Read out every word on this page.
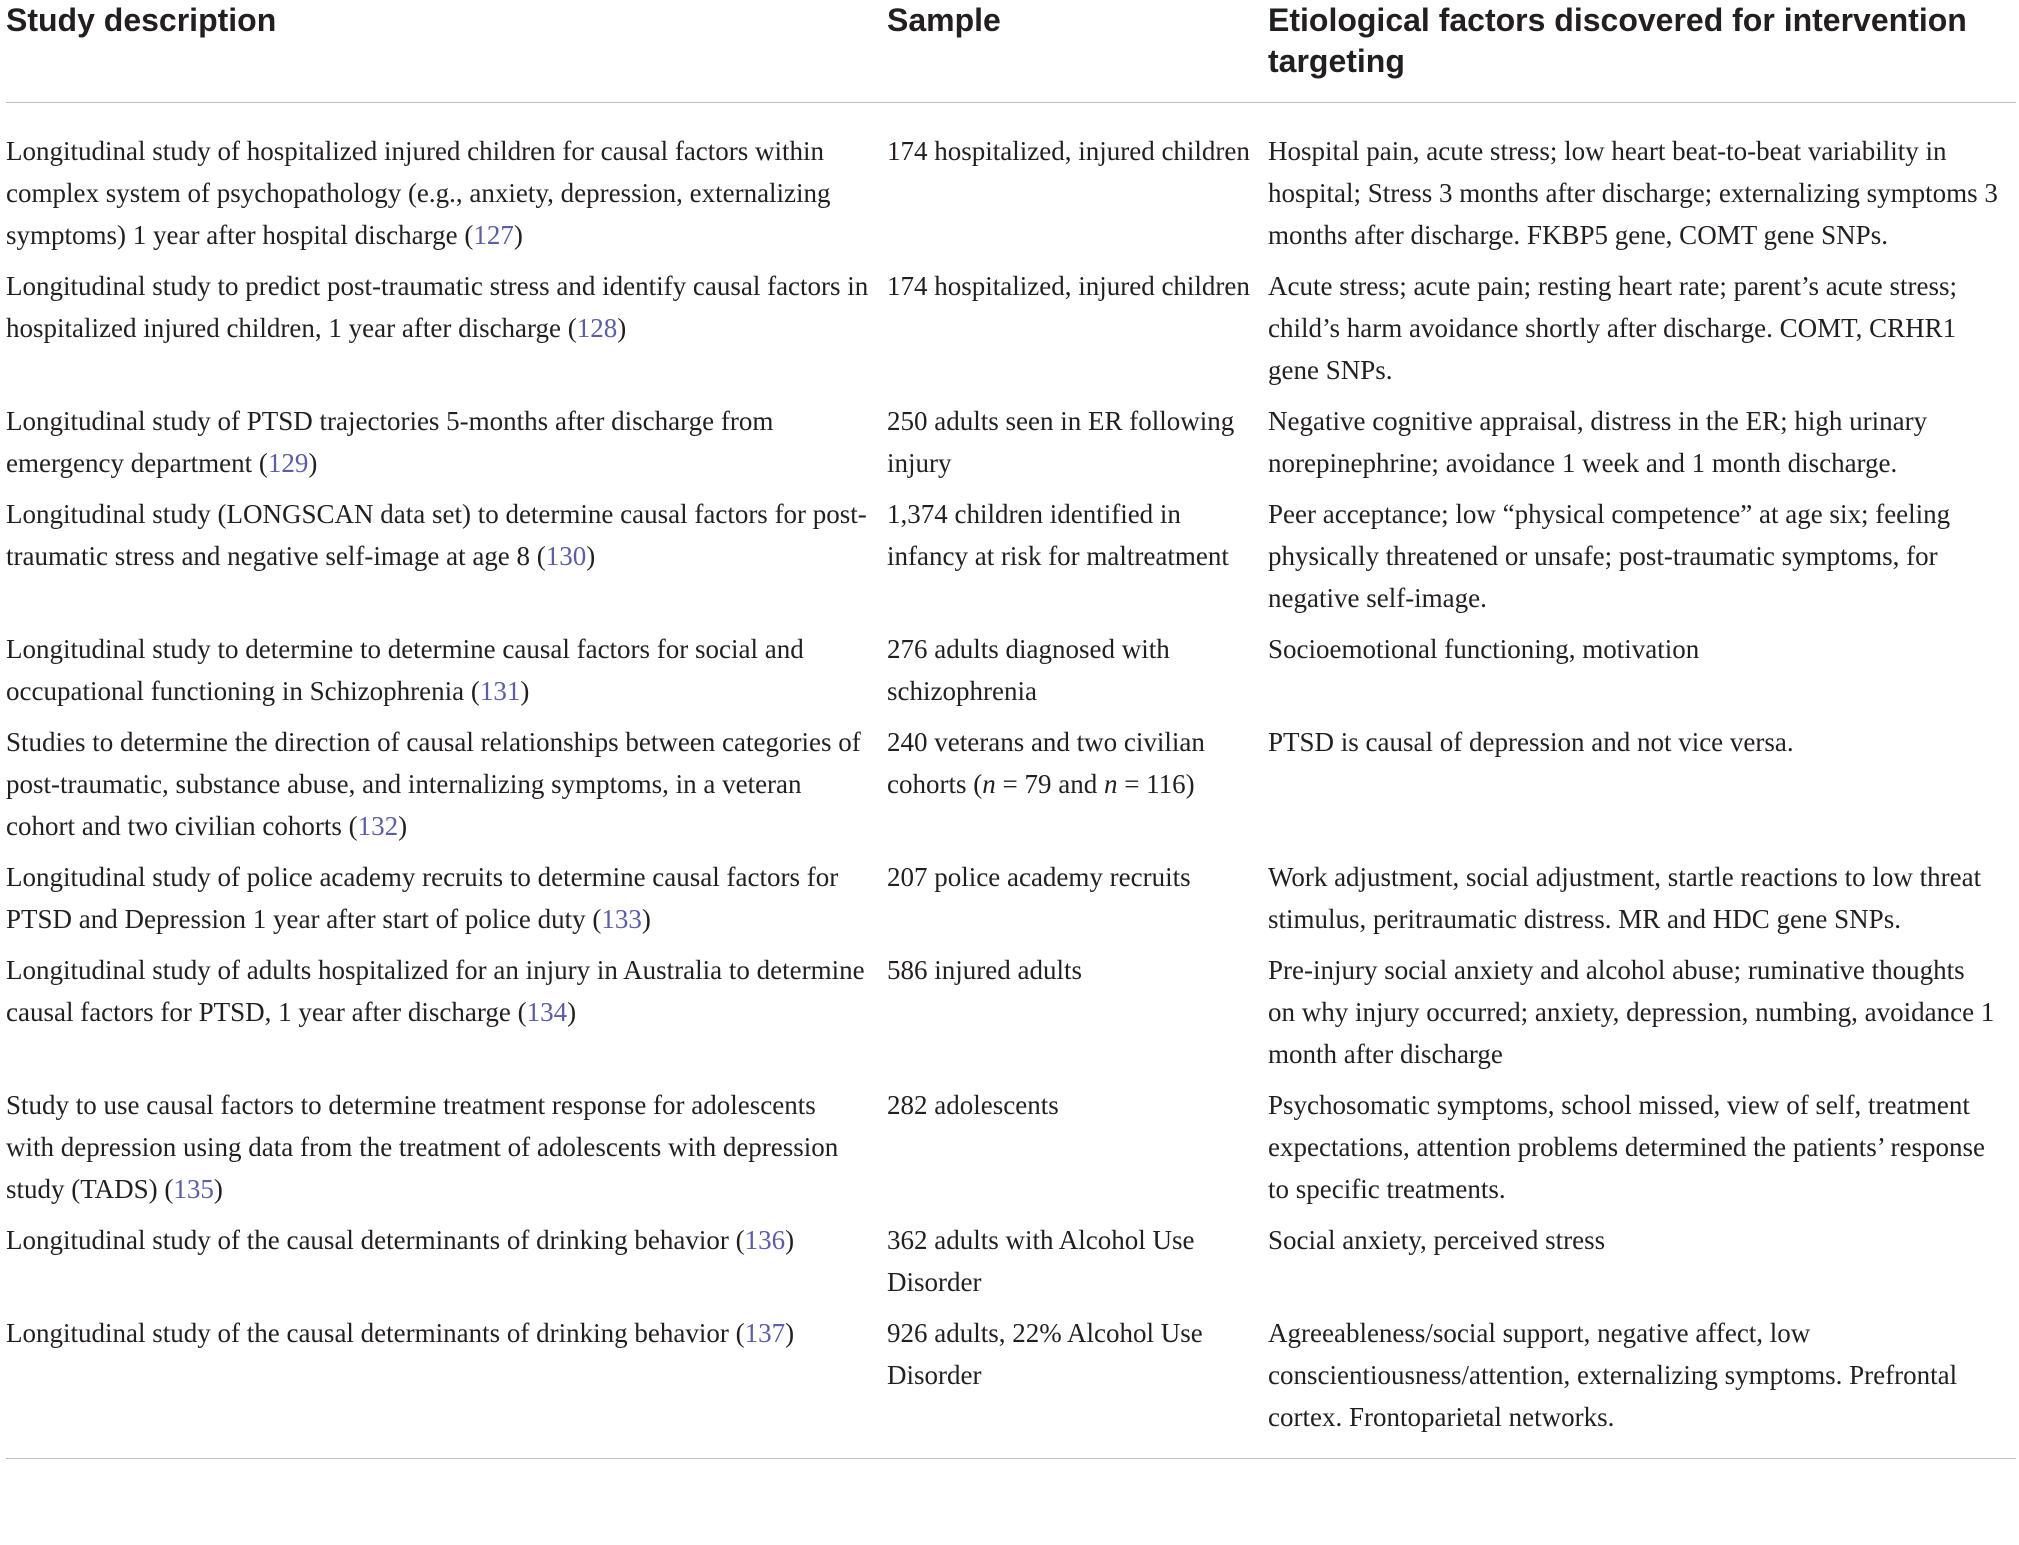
Study description	Sample	Etiological factors discovered for intervention targeting
Longitudinal study of hospitalized injured children for causal factors within complex system of psychopathology (e.g., anxiety, depression, externalizing symptoms) 1 year after hospital discharge (127)	174 hospitalized, injured children	Hospital pain, acute stress; low heart beat-to-beat variability in hospital; Stress 3 months after discharge; externalizing symptoms 3 months after discharge. FKBP5 gene, COMT gene SNPs.
Longitudinal study to predict post-traumatic stress and identify causal factors in hospitalized injured children, 1 year after discharge (128)	174 hospitalized, injured children	Acute stress; acute pain; resting heart rate; parent’s acute stress; child’s harm avoidance shortly after discharge. COMT, CRHR1 gene SNPs.
Longitudinal study of PTSD trajectories 5-months after discharge from emergency department (129)	250 adults seen in ER following injury	Negative cognitive appraisal, distress in the ER; high urinary norepinephrine; avoidance 1 week and 1 month discharge.
Longitudinal study (LONGSCAN data set) to determine causal factors for post-traumatic stress and negative self-image at age 8 (130)	1,374 children identified in infancy at risk for maltreatment	Peer acceptance; low “physical competence” at age six; feeling physically threatened or unsafe; post-traumatic symptoms, for negative self-image.
Longitudinal study to determine to determine causal factors for social and occupational functioning in Schizophrenia (131)	276 adults diagnosed with schizophrenia	Socioemotional functioning, motivation
Studies to determine the direction of causal relationships between categories of post-traumatic, substance abuse, and internalizing symptoms, in a veteran cohort and two civilian cohorts (132)	240 veterans and two civilian cohorts (n = 79 and n = 116)	PTSD is causal of depression and not vice versa.
Longitudinal study of police academy recruits to determine causal factors for PTSD and Depression 1 year after start of police duty (133)	207 police academy recruits	Work adjustment, social adjustment, startle reactions to low threat stimulus, peritraumatic distress. MR and HDC gene SNPs.
Longitudinal study of adults hospitalized for an injury in Australia to determine causal factors for PTSD, 1 year after discharge (134)	586 injured adults	Pre-injury social anxiety and alcohol abuse; ruminative thoughts on why injury occurred; anxiety, depression, numbing, avoidance 1 month after discharge
Study to use causal factors to determine treatment response for adolescents with depression using data from the treatment of adolescents with depression study (TADS) (135)	282 adolescents	Psychosomatic symptoms, school missed, view of self, treatment expectations, attention problems determined the patients’ response to specific treatments.
Longitudinal study of the causal determinants of drinking behavior (136)	362 adults with Alcohol Use Disorder	Social anxiety, perceived stress
Longitudinal study of the causal determinants of drinking behavior (137)	926 adults, 22% Alcohol Use Disorder	Agreeableness/social support, negative affect, low conscientiousness/attention, externalizing symptoms. Prefrontal cortex. Frontoparietal networks.
